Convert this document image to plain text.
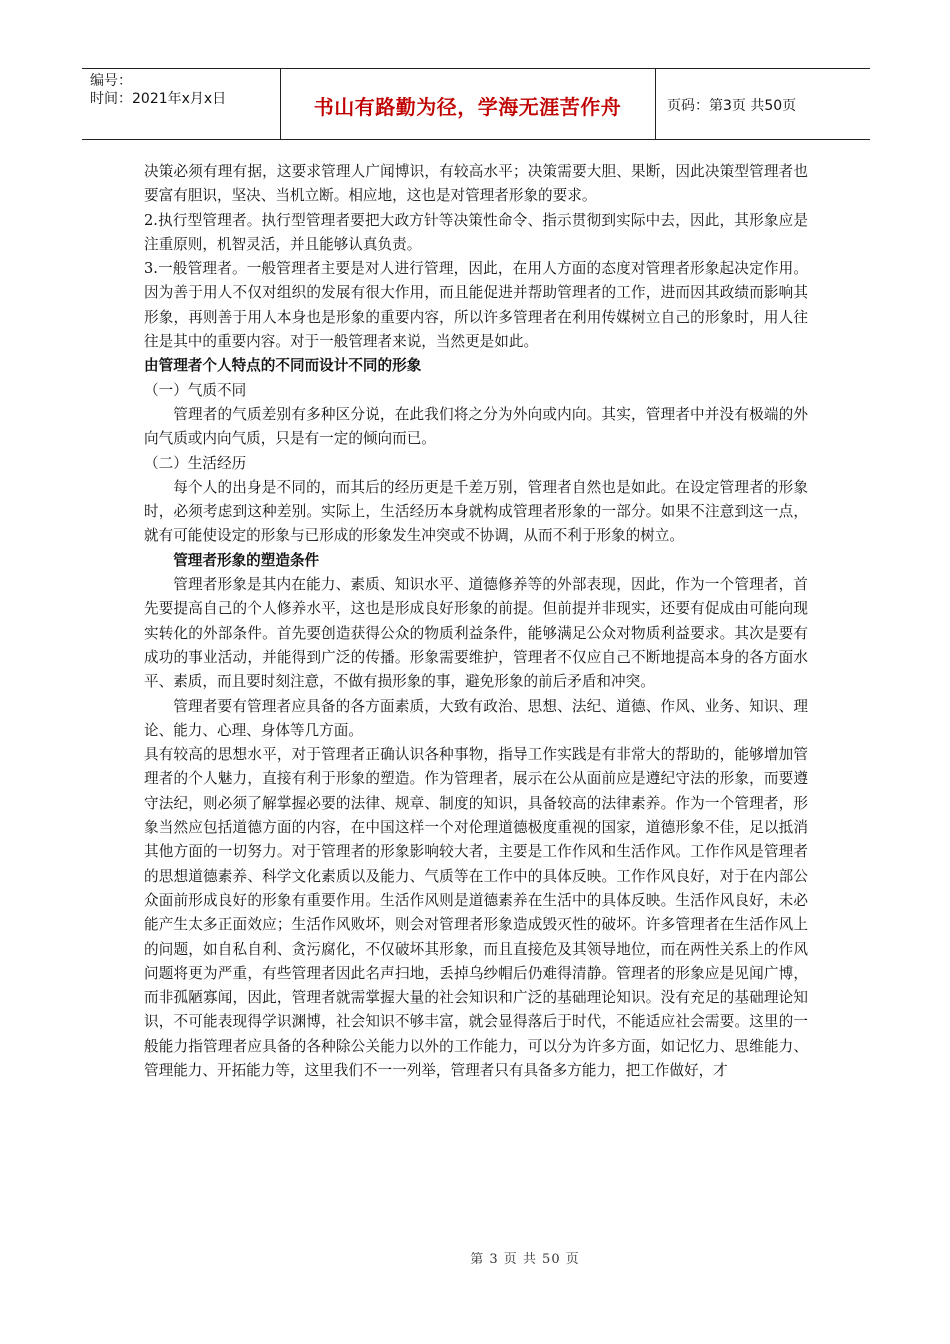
编号：
时间：2021年x月x日	书山有路勤为径，学海无涯苦作舟	页码：第3页 共50页

决策必须有理有据，这要求管理人广闻博识，有较高水平；决策需要大胆、果断，因此决策型管理者也要富有胆识，坚决、当机立断。相应地，这也是对管理者形象的要求。

2.执行型管理者。执行型管理者要把大政方针等决策性命令、指示贯彻到实际中去，因此，其形象应是注重原则，机智灵活，并且能够认真负责。

3.一般管理者。一般管理者主要是对人进行管理，因此，在用人方面的态度对管理者形象起决定作用。因为善于用人不仅对组织的发展有很大作用，而且能促进并帮助管理者的工作，进而因其政绩而影响其形象，再则善于用人本身也是形象的重要内容，所以许多管理者在利用传媒树立自己的形象时，用人往往是其中的重要内容。对于一般管理者来说，当然更是如此。

由管理者个人特点的不同而设计不同的形象

（一）气质不同

管理者的气质差别有多种区分说，在此我们将之分为外向或内向。其实，管理者中并没有极端的外向气质或内向气质，只是有一定的倾向而已。

（二）生活经历

每个人的出身是不同的，而其后的经历更是千差万别，管理者自然也是如此。在设定管理者的形象时，必须考虑到这种差别。实际上，生活经历本身就构成管理者形象的一部分。如果不注意到这一点，就有可能使设定的形象与已形成的形象发生冲突或不协调，从而不利于形象的树立。

管理者形象的塑造条件

管理者形象是其内在能力、素质、知识水平、道德修养等的外部表现，因此，作为一个管理者，首先要提高自己的个人修养水平，这也是形成良好形象的前提。但前提并非现实，还要有促成由可能向现实转化的外部条件。首先要创造获得公众的物质利益条件，能够满足公众对物质利益要求。其次是要有成功的事业活动，并能得到广泛的传播。形象需要维护，管理者不仅应自己不断地提高本身的各方面水平、素质，而且要时刻注意，不做有损形象的事，避免形象的前后矛盾和冲突。

管理者要有管理者应具备的各方面素质，大致有政治、思想、法纪、道德、作风、业务、知识、理论、能力、心理、身体等几方面。

具有较高的思想水平，对于管理者正确认识各种事物，指导工作实践是有非常大的帮助的，能够增加管理者的个人魅力，直接有利于形象的塑造。作为管理者，展示在公从面前应是遵纪守法的形象，而要遵守法纪，则必须了解掌握必要的法律、规章、制度的知识，具备较高的法律素养。作为一个管理者，形象当然应包括道德方面的内容，在中国这样一个对伦理道德极度重视的国家，道德形象不佳，足以抵消其他方面的一切努力。对于管理者的形象影响较大者，主要是工作作风和生活作风。工作作风是管理者的思想道德素养、科学文化素质以及能力、气质等在工作中的具体反映。工作作风良好，对于在内部公众面前形成良好的形象有重要作用。生活作风则是道德素养在生活中的具体反映。生活作风良好，未必能产生太多正面效应；生活作风败坏，则会对管理者形象造成毁灭性的破坏。许多管理者在生活作风上的问题，如自私自利、贪污腐化，不仅破坏其形象，而且直接危及其领导地位，而在两性关系上的作风问题将更为严重，有些管理者因此名声扫地，丢掉乌纱帽后仍难得清静。管理者的形象应是见闻广博，而非孤陋寡闻，因此，管理者就需掌握大量的社会知识和广泛的基础理论知识。没有充足的基础理论知识，不可能表现得学识渊博，社会知识不够丰富，就会显得落后于时代，不能适应社会需要。这里的一般能力指管理者应具备的各种除公关能力以外的工作能力，可以分为许多方面，如记忆力、思维能力、管理能力、开拓能力等，这里我们不一一列举，管理者只有具备多方能力，把工作做好，才

第 3 页 共 50 页
